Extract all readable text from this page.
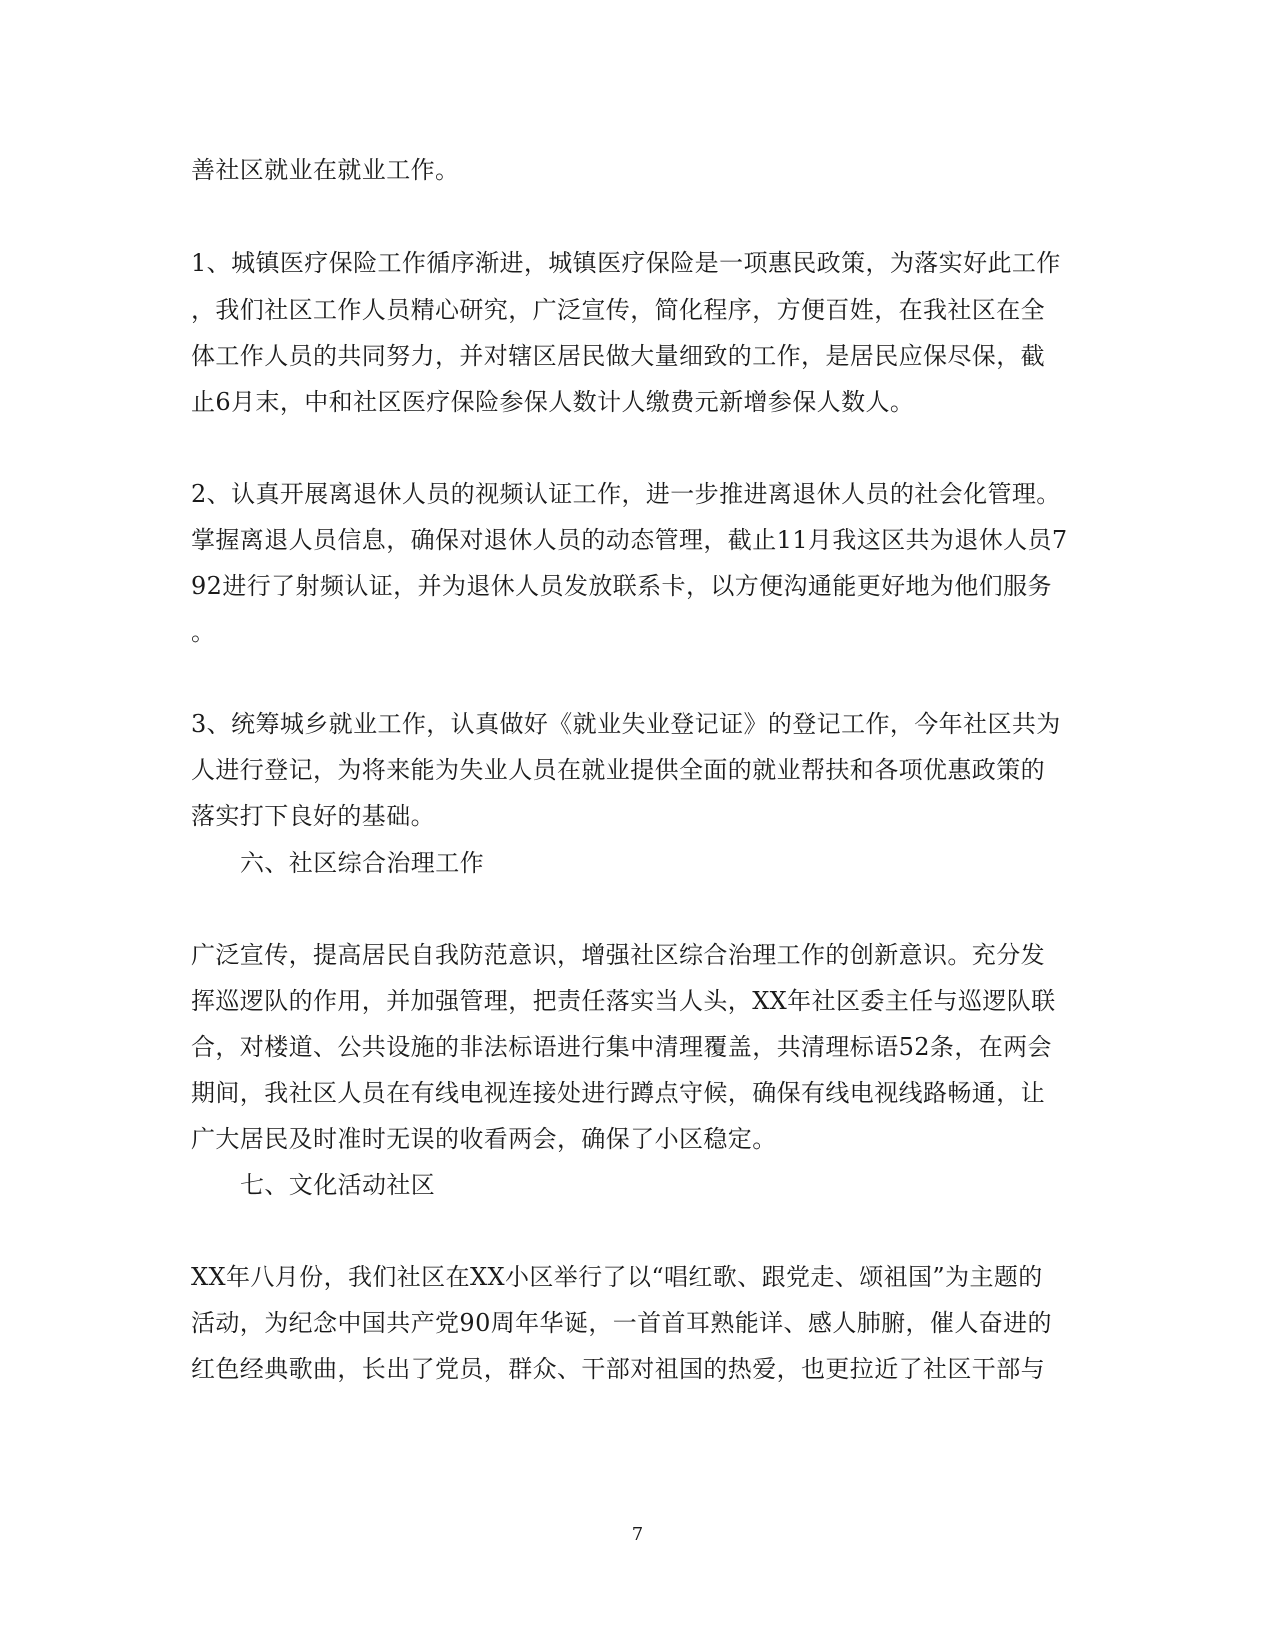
善社区就业在就业工作。
1、城镇医疗保险工作循序渐进，城镇医疗保险是一项惠民政策，为落实好此工作
，我们社区工作人员精心研究，广泛宣传，简化程序，方便百姓，在我社区在全
体工作人员的共同努力，并对辖区居民做大量细致的工作，是居民应保尽保，截
止6月末，中和社区医疗保险参保人数计人缴费元新增参保人数人。
2、认真开展离退休人员的视频认证工作，进一步推进离退休人员的社会化管理。
掌握离退人员信息，确保对退休人员的动态管理，截止11月我这区共为退休人员7
92进行了射频认证，并为退休人员发放联系卡，以方便沟通能更好地为他们服务
。
3、统筹城乡就业工作，认真做好《就业失业登记证》的登记工作，今年社区共为
人进行登记，为将来能为失业人员在就业提供全面的就业帮扶和各项优惠政策的
落实打下良好的基础。
六、社区综合治理工作
广泛宣传，提高居民自我防范意识，增强社区综合治理工作的创新意识。充分发
挥巡逻队的作用，并加强管理，把责任落实当人头，XX年社区委主任与巡逻队联
合，对楼道、公共设施的非法标语进行集中清理覆盖，共清理标语52条，在两会
期间，我社区人员在有线电视连接处进行蹲点守候，确保有线电视线路畅通，让
广大居民及时准时无误的收看两会，确保了小区稳定。
七、文化活动社区
XX年八月份，我们社区在XX小区举行了以“唱红歌、跟党走、颂祖国”为主题的
活动，为纪念中国共产党90周年华诞，一首首耳熟能详、感人肺腑，催人奋进的
红色经典歌曲，长出了党员，群众、干部对祖国的热爱，也更拉近了社区干部与
7
